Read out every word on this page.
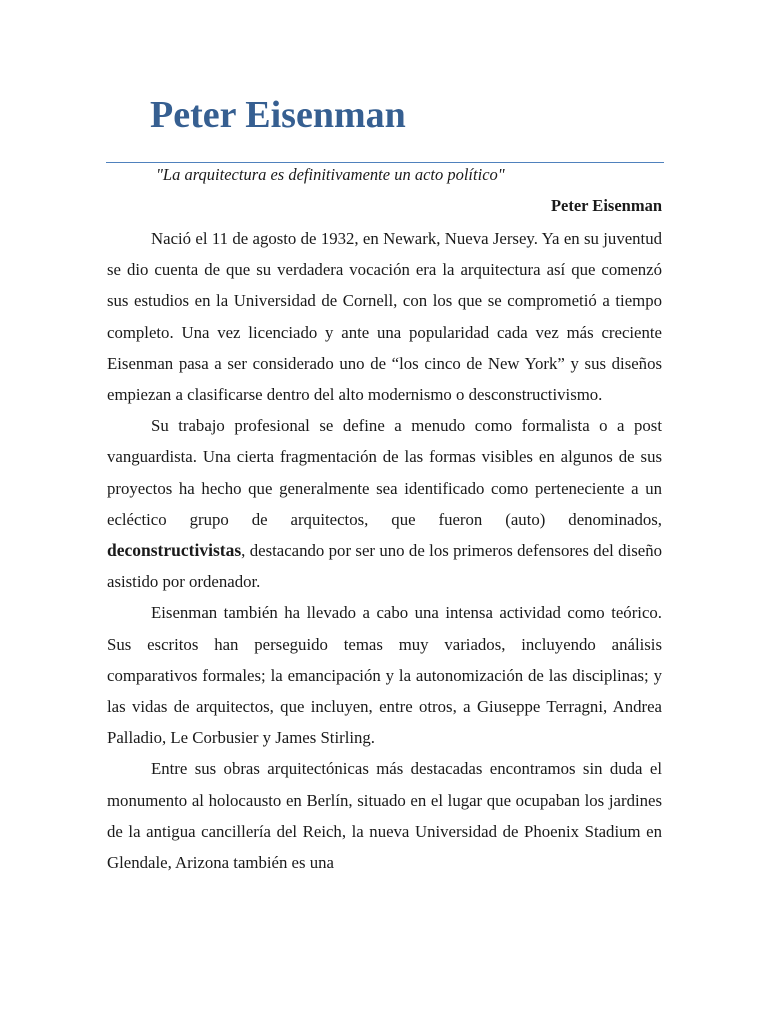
Peter Eisenman
"La arquitectura es definitivamente un acto político"
Peter Eisenman

Nació el 11 de agosto de 1932, en Newark, Nueva Jersey. Ya en su juventud se dio cuenta de que su verdadera vocación era la arquitectura así que comenzó sus estudios en la Universidad de Cornell, con los que se comprometió a tiempo completo. Una vez licenciado y ante una popularidad cada vez más creciente Eisenman pasa a ser considerado uno de “los cinco de New York” y sus diseños empiezan a clasificarse dentro del alto modernismo o desconstructivismo.

Su trabajo profesional se define a menudo como formalista o a post vanguardista. Una cierta fragmentación de las formas visibles en algunos de sus proyectos ha hecho que generalmente sea identificado como perteneciente a un ecléctico grupo de arquitectos, que fueron (auto) denominados, deconstructivistas, destacando por ser uno de los primeros defensores del diseño asistido por ordenador.

Eisenman también ha llevado a cabo una intensa actividad como teórico. Sus escritos han perseguido temas muy variados, incluyendo análisis comparativos formales; la emancipación y la autonomización de las disciplinas; y las vidas de arquitectos, que incluyen, entre otros, a Giuseppe Terragni, Andrea Palladio, Le Corbusier y James Stirling.

Entre sus obras arquitectónicas más destacadas encontramos sin duda el monumento al holocausto en Berlín, situado en el lugar que ocupaban los jardines de la antigua cancillería del Reich, la nueva Universidad de Phoenix Stadium en Glendale, Arizona también es una
